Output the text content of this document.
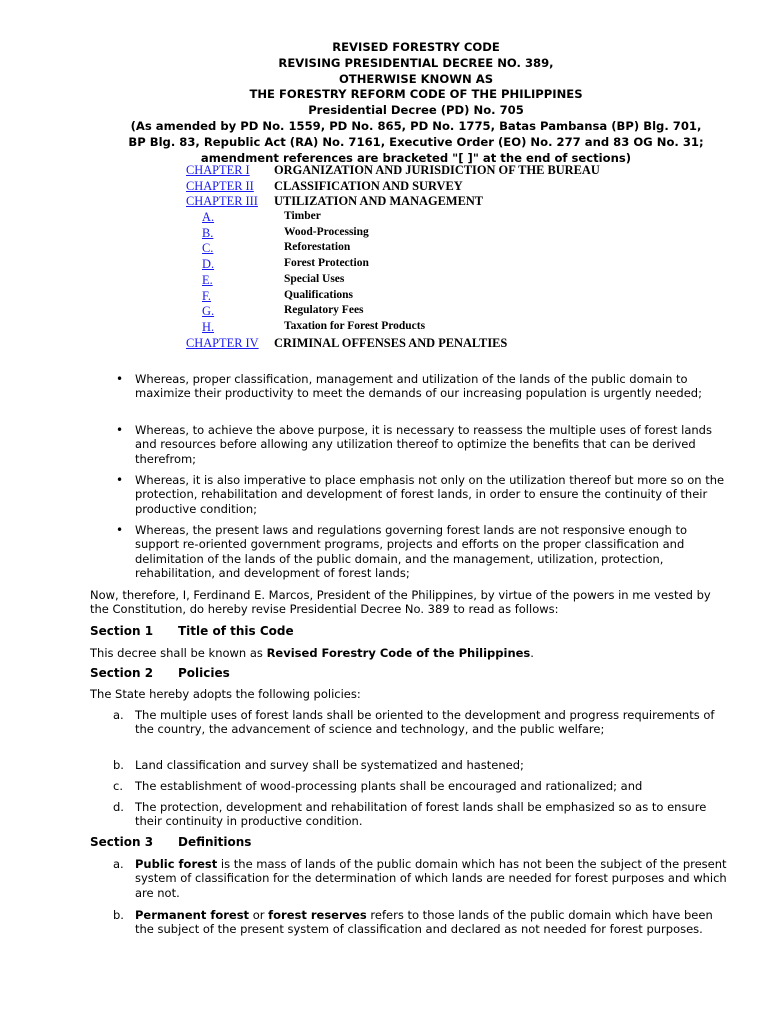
REVISED FORESTRY CODE
REVISING PRESIDENTIAL DECREE NO. 389,
OTHERWISE KNOWN AS
THE FORESTRY REFORM CODE OF THE PHILIPPINES
Presidential Decree (PD) No. 705
(As amended by PD No. 1559, PD No. 865, PD No. 1775, Batas Pambansa (BP) Blg. 701,
BP Blg. 83, Republic Act (RA) No. 7161, Executive Order (EO) No. 277 and 83 OG No. 31;
amendment references are bracketed "[ ]" at the end of sections)
CHAPTER I ORGANIZATION AND JURISDICTION OF THE BUREAU
CHAPTER II CLASSIFICATION AND SURVEY
CHAPTER III UTILIZATION AND MANAGEMENT
A.	Timber
B.	Wood-Processing
C.	Reforestation
D.	Forest Protection
E.	Special Uses
F.	Qualifications
G.	Regulatory Fees
H.	Taxation for Forest Products
CHAPTER IV CRIMINAL OFFENSES AND PENALTIES
• Whereas, proper classification, management and utilization of the lands of the public domain to maximize their productivity to meet the demands of our increasing population is urgently needed;
• Whereas, to achieve the above purpose, it is necessary to reassess the multiple uses of forest lands and resources before allowing any utilization thereof to optimize the benefits that can be derived therefrom;
• Whereas, it is also imperative to place emphasis not only on the utilization thereof but more so on the protection, rehabilitation and development of forest lands, in order to ensure the continuity of their productive condition;
• Whereas, the present laws and regulations governing forest lands are not responsive enough to support re-oriented government programs, projects and efforts on the proper classification and delimitation of the lands of the public domain, and the management, utilization, protection, rehabilitation, and development of forest lands;
Now, therefore, I, Ferdinand E. Marcos, President of the Philippines, by virtue of the powers in me vested by the Constitution, do hereby revise Presidential Decree No. 389 to read as follows:
Section 1 Title of this Code
This decree shall be known as Revised Forestry Code of the Philippines.
Section 2 Policies
The State hereby adopts the following policies:
a. The multiple uses of forest lands shall be oriented to the development and progress requirements of the country, the advancement of science and technology, and the public welfare;
b. Land classification and survey shall be systematized and hastened;
c. The establishment of wood-processing plants shall be encouraged and rationalized; and
d. The protection, development and rehabilitation of forest lands shall be emphasized so as to ensure their continuity in productive condition.
Section 3 Definitions
a. Public forest is the mass of lands of the public domain which has not been the subject of the present system of classification for the determination of which lands are needed for forest purposes and which are not.
b. Permanent forest or forest reserves refers to those lands of the public domain which have been the subject of the present system of classification and declared as not needed for forest purposes.
